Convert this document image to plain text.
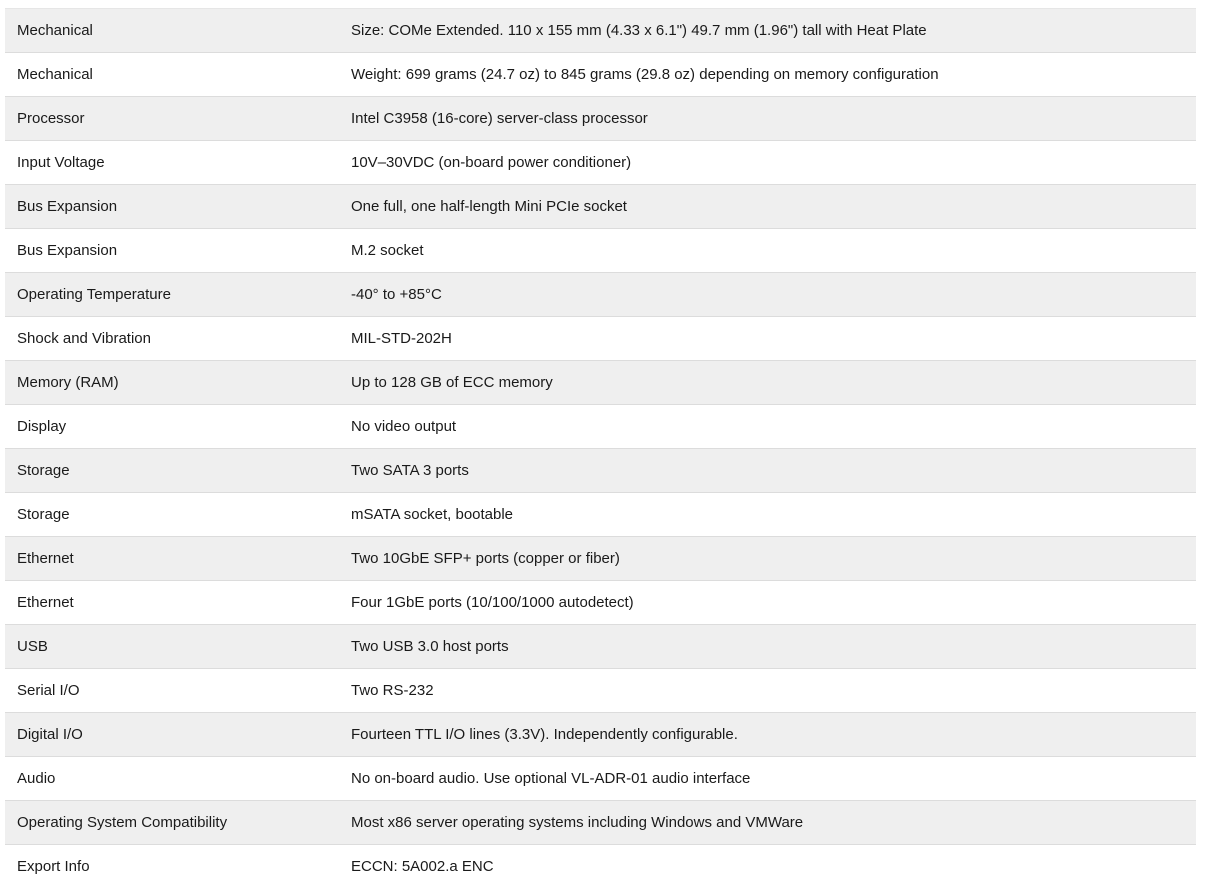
Mechanical	Size: COMe Extended. 110 x 155 mm (4.33 x 6.1") 49.7 mm (1.96") tall with Heat Plate
Mechanical	Weight: 699 grams (24.7 oz) to 845 grams (29.8 oz) depending on memory configuration
Processor	Intel C3958 (16-core) server-class processor
Input Voltage	10V–30VDC (on-board power conditioner)
Bus Expansion	One full, one half-length Mini PCIe socket
Bus Expansion	M.2 socket
Operating Temperature	-40° to +85°C
Shock and Vibration	MIL-STD-202H
Memory (RAM)	Up to 128 GB of ECC memory
Display	No video output
Storage	Two SATA 3 ports
Storage	mSATA socket, bootable
Ethernet	Two 10GbE SFP+ ports (copper or fiber)
Ethernet	Four 1GbE ports (10/100/1000 autodetect)
USB	Two USB 3.0 host ports
Serial I/O	Two RS-232
Digital I/O	Fourteen TTL I/O lines (3.3V). Independently configurable.
Audio	No on-board audio. Use optional VL-ADR-01 audio interface
Operating System Compatibility	Most x86 server operating systems including Windows and VMWare
Export Info	ECCN: 5A002.a ENC
